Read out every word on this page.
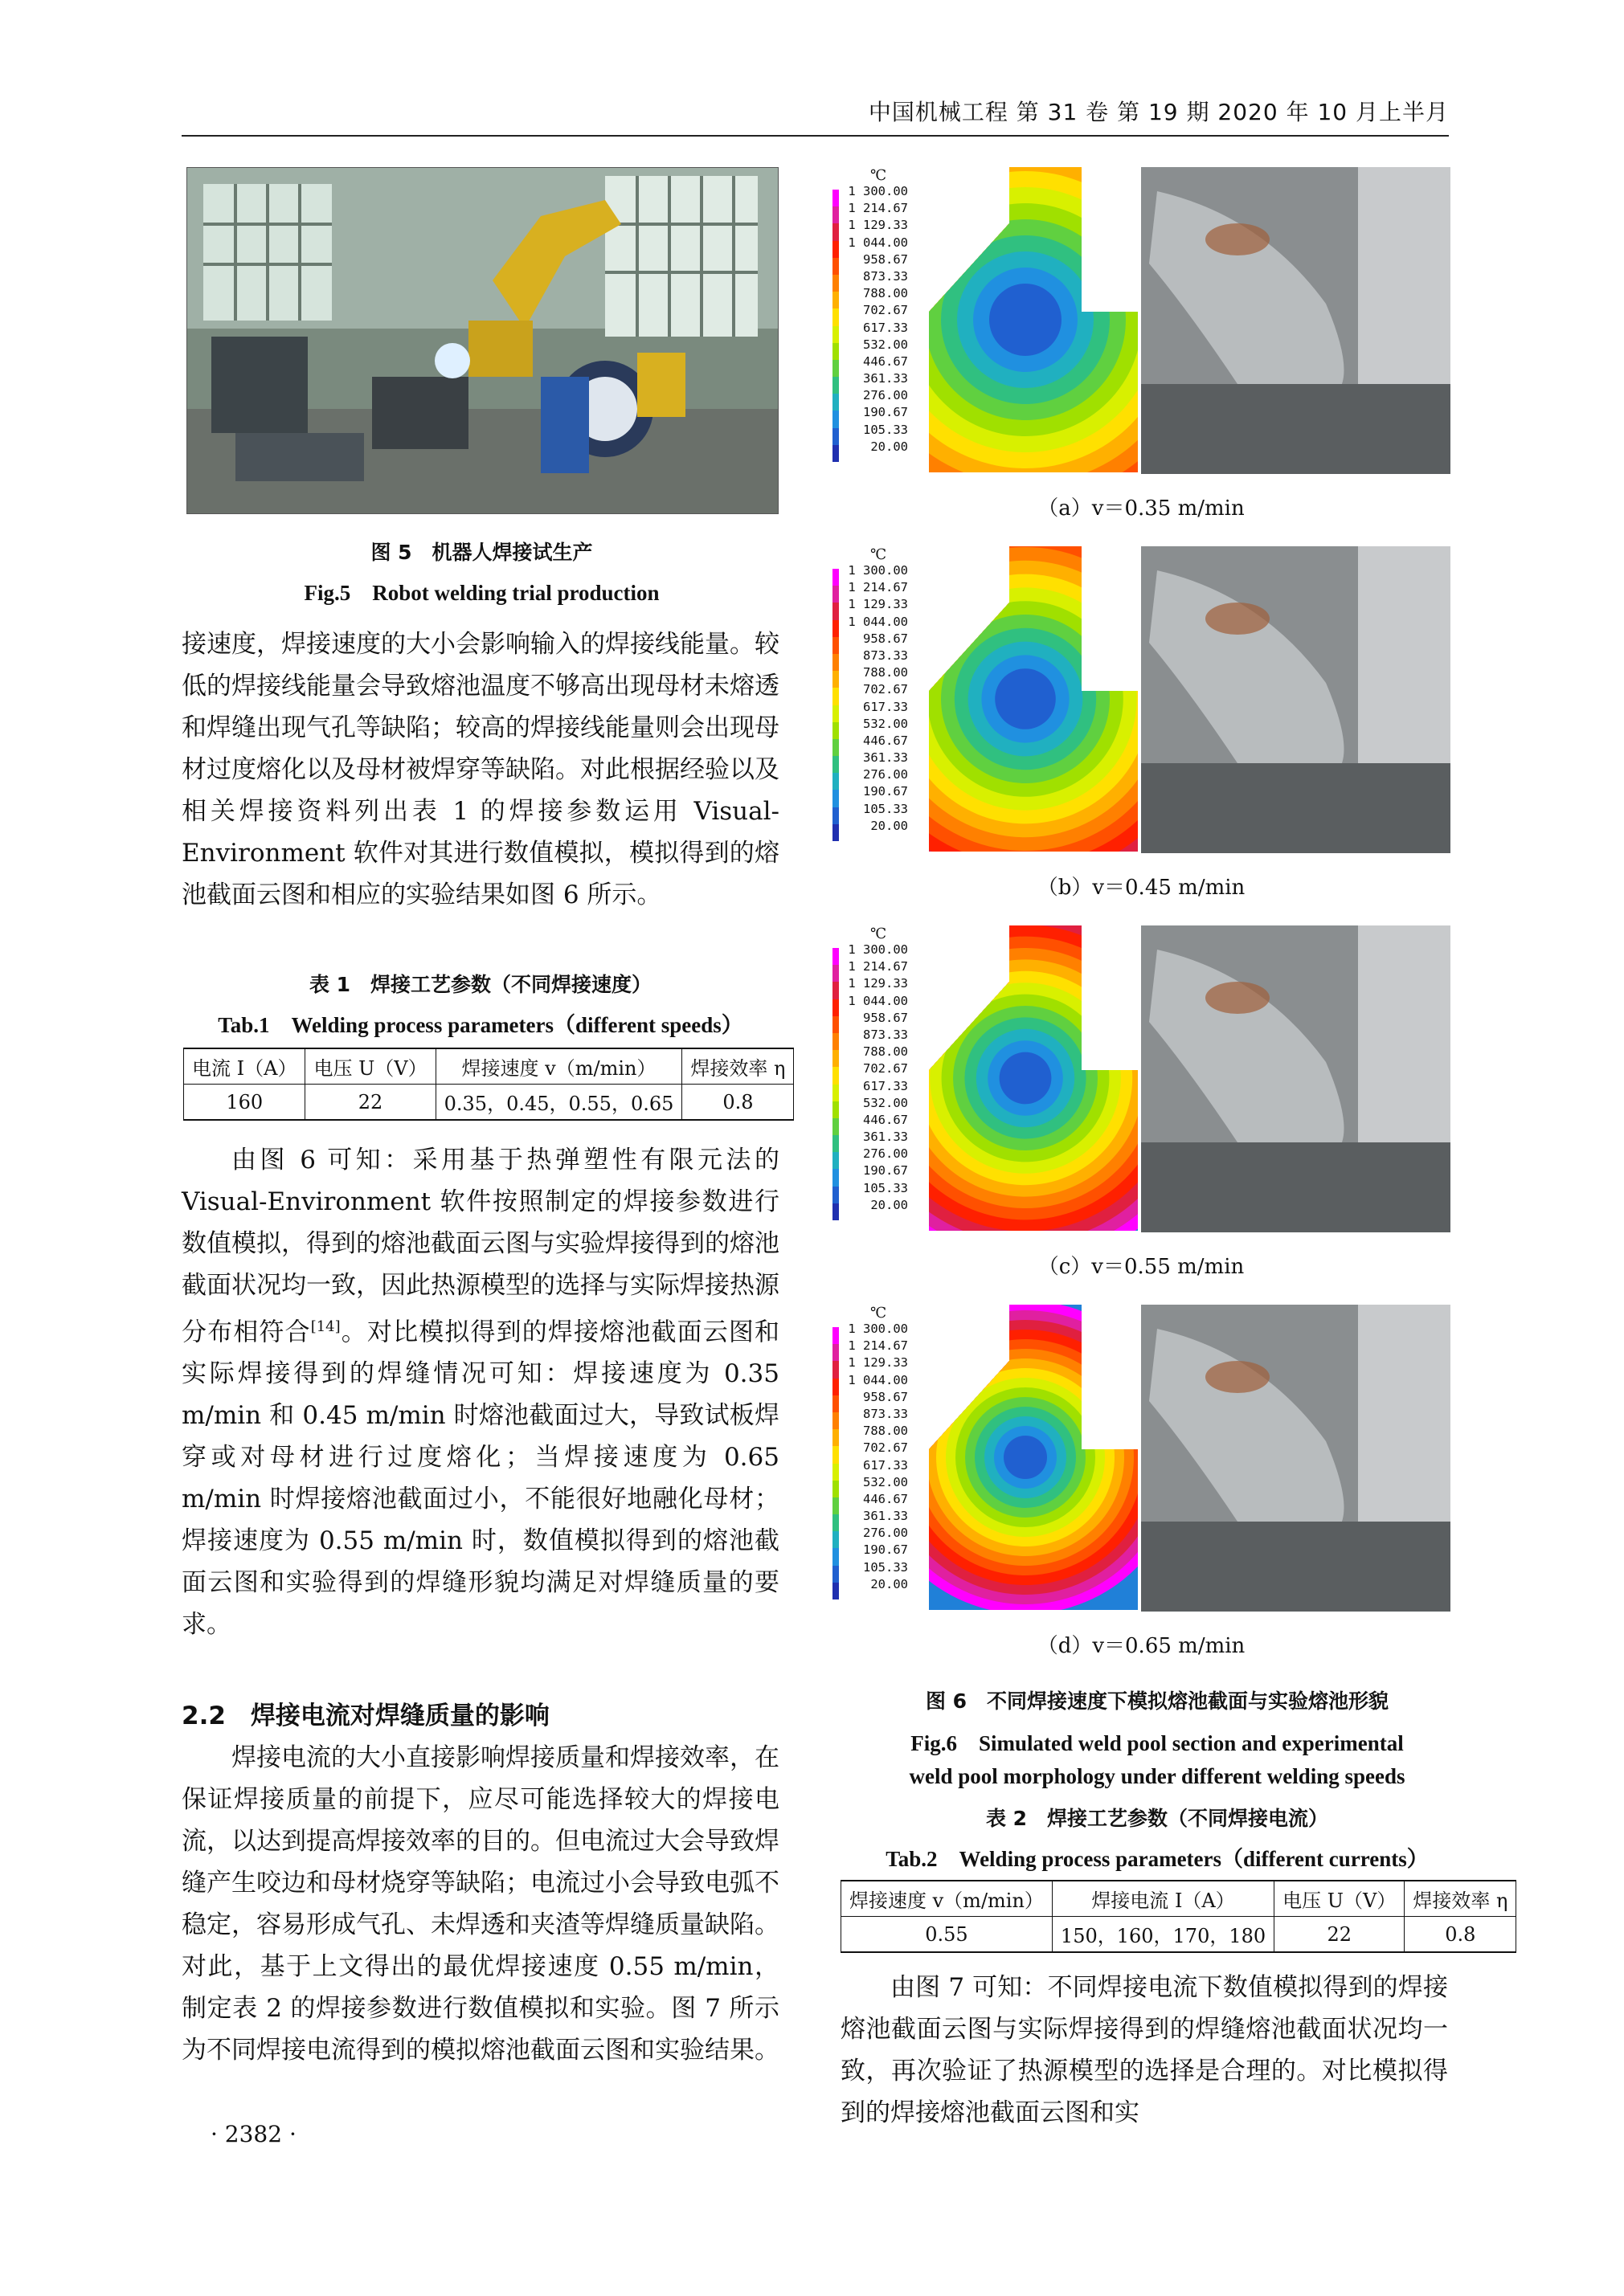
中国机械工程 第 31 卷 第 19 期 2020 年 10 月上半月
图 5　机器人焊接试生产
Fig.5　Robot welding trial production

接速度，焊接速度的大小会影响输入的焊接线能量。较低的焊接线能量会导致熔池温度不够高出现母材未熔透和焊缝出现气孔等缺陷；较高的焊接线能量则会出现母材过度熔化以及母材被焊穿等缺陷。对此根据经验以及相关焊接资料列出表 1 的焊接参数运用 Visual-Environment 软件对其进行数值模拟，模拟得到的熔池截面云图和相应的实验结果如图 6 所示。

表 1　焊接工艺参数（不同焊接速度）
Tab.1　Welding process parameters（different speeds）
电流 I（A）	电压 U（V）	焊接速度 v（m/min）	焊接效率 η
160	22	0.35，0.45，0.55，0.65	0.8
由图 6 可知：采用基于热弹塑性有限元法的 Visual-Environment 软件按照制定的焊接参数进行数值模拟，得到的熔池截面云图与实验焊接得到的熔池截面状况均一致，因此热源模型的选择与实际焊接热源分布相符合[14]。对比模拟得到的焊接熔池截面云图和实际焊接得到的焊缝情况可知：焊接速度为 0.35 m/min 和 0.45 m/min 时熔池截面过大，导致试板焊穿或对母材进行过度熔化；当焊接速度为 0.65 m/min 时焊接熔池截面过小，不能很好地融化母材；焊接速度为 0.55 m/min 时，数值模拟得到的熔池截面云图和实验得到的焊缝形貌均满足对焊缝质量的要求。
2.2　焊接电流对焊缝质量的影响
焊接电流的大小直接影响焊接质量和焊接效率，在保证焊接质量的前提下，应尽可能选择较大的焊接电流，以达到提高焊接效率的目的。但电流过大会导致焊缝产生咬边和母材烧穿等缺陷；电流过小会导致电弧不稳定，容易形成气孔、未焊透和夹渣等焊缝质量缺陷。对此，基于上文得出的最优焊接速度 0.55 m/min，制定表 2 的焊接参数进行数值模拟和实验。图 7 所示为不同焊接电流得到的模拟熔池截面云图和实验结果。
· 2382 ·
℃
1 300.00
1 214.67
1 129.33
1 044.00
958.67
873.33
788.00
702.67
617.33
532.00
446.67
361.33
276.00
190.67
105.33
20.00
（a）v＝0.35 m/min
℃
1 300.00
1 214.67
1 129.33
1 044.00
958.67
873.33
788.00
702.67
617.33
532.00
446.67
361.33
276.00
190.67
105.33
20.00
（b）v＝0.45 m/min
℃
1 300.00
1 214.67
1 129.33
1 044.00
958.67
873.33
788.00
702.67
617.33
532.00
446.67
361.33
276.00
190.67
105.33
20.00
（c）v＝0.55 m/min
℃
1 300.00
1 214.67
1 129.33
1 044.00
958.67
873.33
788.00
702.67
617.33
532.00
446.67
361.33
276.00
190.67
105.33
20.00
（d）v＝0.65 m/min
图 6　不同焊接速度下模拟熔池截面与实验熔池形貌
Fig.6　Simulated weld pool section and experimental
weld pool morphology under different welding speeds
表 2　焊接工艺参数（不同焊接电流）
Tab.2　Welding process parameters（different currents）
焊接速度 v（m/min）	焊接电流 I（A）	电压 U（V）	焊接效率 η
0.55	150，160，170，180	22	0.8
由图 7 可知：不同焊接电流下数值模拟得到的焊接熔池截面云图与实际焊接得到的焊缝熔池截面状况均一致，再次验证了热源模型的选择是合理的。对比模拟得到的焊接熔池截面云图和实
